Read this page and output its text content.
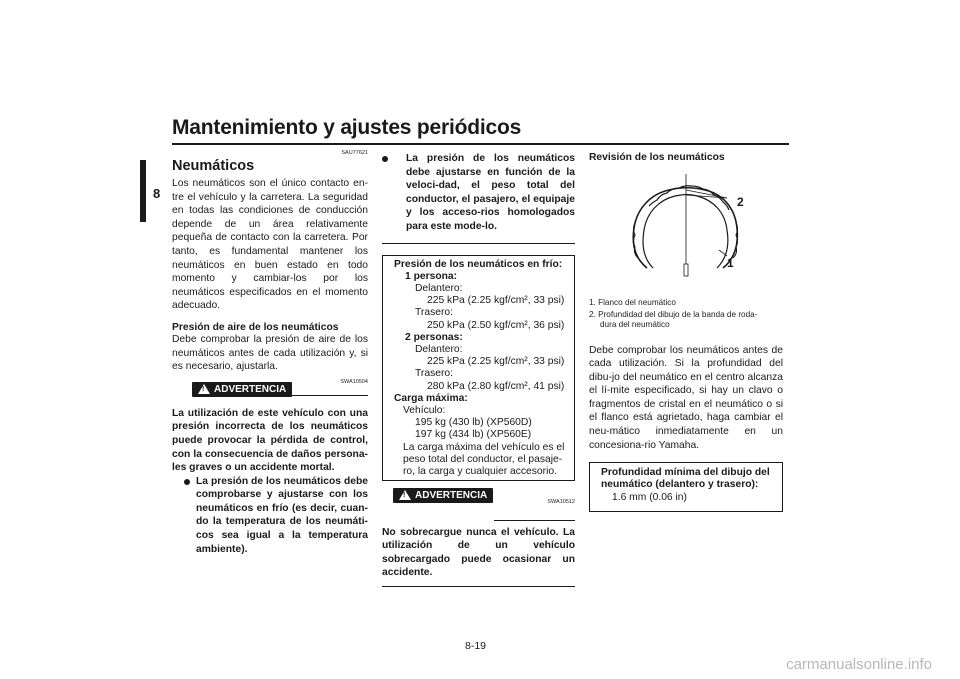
Mantenimiento y ajustes periódicos
8
SAU77621
Neumáticos

Los neumáticos son el único contacto en-tre el vehículo y la carretera. La seguridad en todas las condiciones de conducción depende de un área relativamente pequeña de contacto con la carretera. Por tanto, es fundamental mantener los neumáticos en buen estado en todo momento y cambiar-los por los neumáticos especificados en el momento adecuado.

Presión de aire de los neumáticos
Debe comprobar la presión de aire de los neumáticos antes de cada utilización y, si es necesario, ajustarla.
! ADVERTENCIA
SWA10504
La utilización de este vehículo con una presión incorrecta de los neumáticos puede provocar la pérdida de control, con la consecuencia de daños persona-les graves o un accidente mortal.
La presión de los neumáticos debe comprobarse y ajustarse con los neumáticos en frío (es decir, cuan-do la temperatura de los neumáti-cos sea igual a la temperatura ambiente).
La presión de los neumáticos debe ajustarse en función de la veloci-dad, el peso total del conductor, el pasajero, el equipaje y los acceso-rios homologados para este mode-lo.
Presión de los neumáticos en frío:
1 persona:
Delantero:
225 kPa (2.25 kgf/cm², 33 psi)
Trasero:
250 kPa (2.50 kgf/cm², 36 psi)
2 personas:
Delantero:
225 kPa (2.25 kgf/cm², 33 psi)
Trasero:
280 kPa (2.80 kgf/cm², 41 psi)
Carga máxima:
Vehículo:
195 kg (430 lb) (XP560D)
197 kg (434 lb) (XP560E)
La carga máxima del vehículo es el peso total del conductor, el pasaje-ro, la carga y cualquier accesorio.
! ADVERTENCIA
SWA10512
No sobrecargue nunca el vehículo. La utilización de un vehículo sobrecargado puede ocasionar un accidente.
Revisión de los neumáticos
2
1
1. Flanco del neumático
2. Profundidad del dibujo de la banda de roda-
dura del neumático
Debe comprobar los neumáticos antes de cada utilización. Si la profundidad del dibu-jo del neumático en el centro alcanza el lí-mite especificado, si hay un clavo o fragmentos de cristal en el neumático o si el flanco está agrietado, haga cambiar el neu-mático inmediatamente en un concesiona-rio Yamaha.
Profundidad mínima del dibujo del neumático (delantero y trasero):
1.6 mm (0.06 in)
8-19
carmanualsonline.info
